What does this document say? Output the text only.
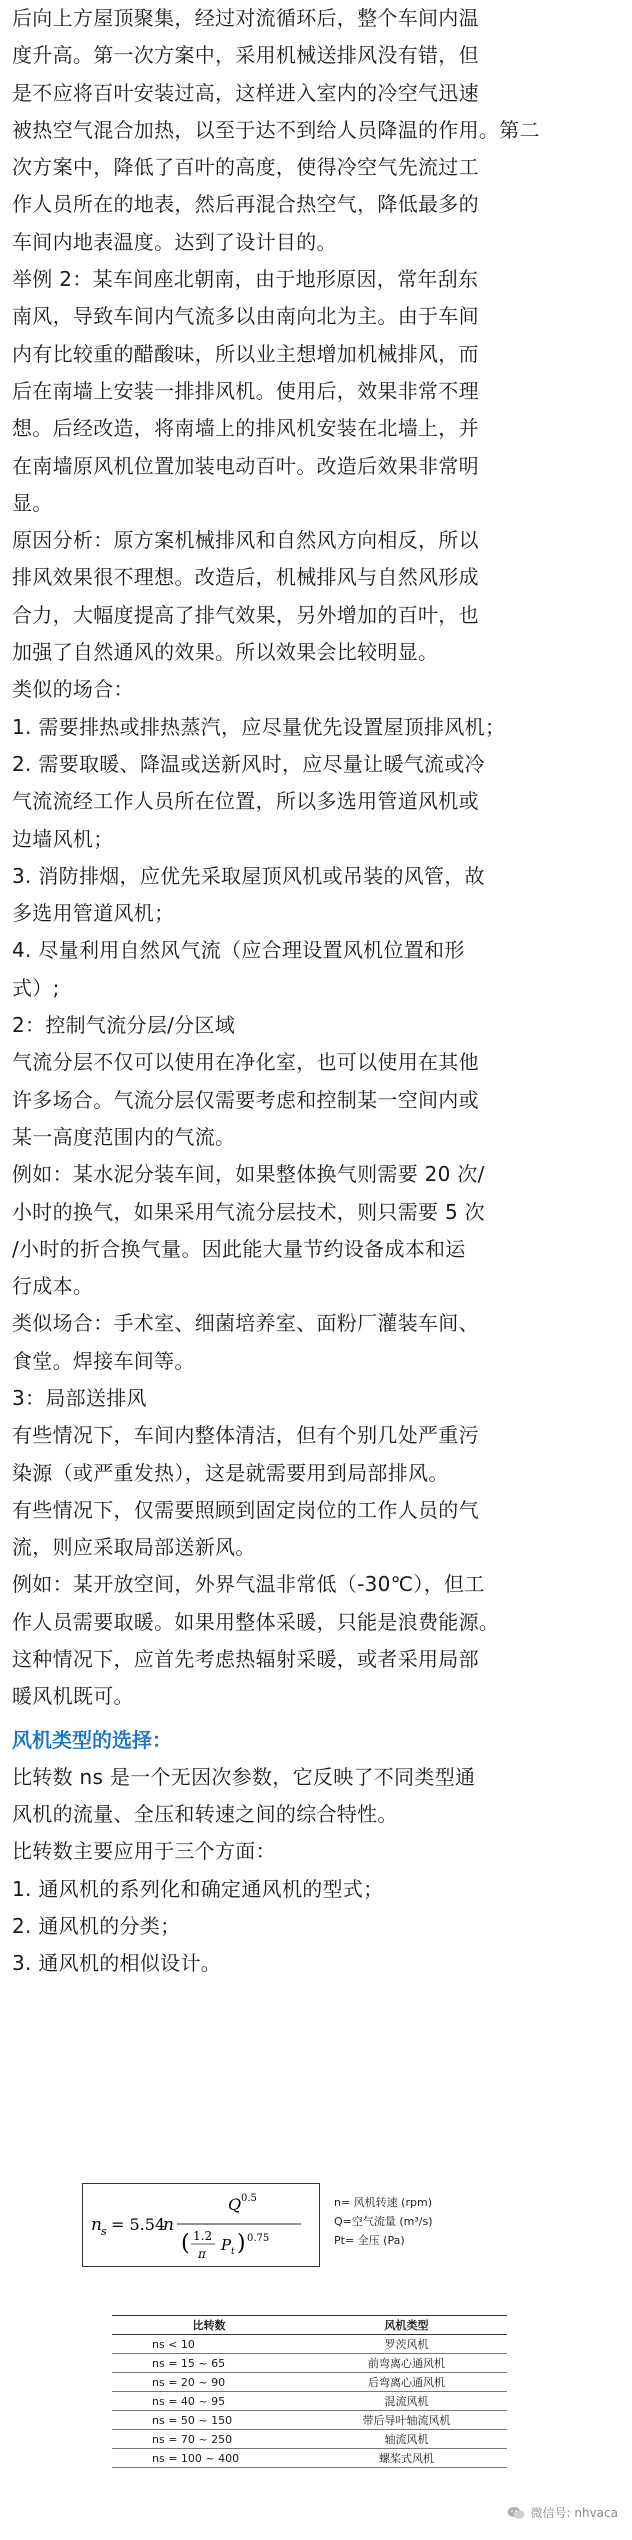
后向上方屋顶聚集，经过对流循环后，整个车间内温
度升高。第一次方案中，采用机械送排风没有错，但
是不应将百叶安装过高，这样进入室内的冷空气迅速
被热空气混合加热，以至于达不到给人员降温的作用。第二
次方案中，降低了百叶的高度，使得冷空气先流过工
作人员所在的地表，然后再混合热空气，降低最多的
车间内地表温度。达到了设计目的。
举例 2：某车间座北朝南，由于地形原因，常年刮东
南风，导致车间内气流多以由南向北为主。由于车间
内有比较重的醋酸味，所以业主想增加机械排风，而
后在南墙上安装一排排风机。使用后，效果非常不理
想。后经改造，将南墙上的排风机安装在北墙上，并
在南墙原风机位置加装电动百叶。改造后效果非常明
显。
原因分析：原方案机械排风和自然风方向相反，所以
排风效果很不理想。改造后，机械排风与自然风形成
合力，大幅度提高了排气效果，另外增加的百叶，也
加强了自然通风的效果。所以效果会比较明显。
类似的场合：
1. 需要排热或排热蒸汽，应尽量优先设置屋顶排风机；
2. 需要取暖、降温或送新风时，应尽量让暖气流或冷
气流流经工作人员所在位置，所以多选用管道风机或
边墙风机；
3. 消防排烟，应优先采取屋顶风机或吊装的风管，故
多选用管道风机；
4. 尽量利用自然风气流（应合理设置风机位置和形
式）;
2：控制气流分层/分区域
气流分层不仅可以使用在净化室，也可以使用在其他
许多场合。气流分层仅需要考虑和控制某一空间内或
某一高度范围内的气流。
例如：某水泥分装车间，如果整体换气则需要 20 次/
小时的换气，如果采用气流分层技术，则只需要 5 次
/小时的折合换气量。因此能大量节约设备成本和运
行成本。
类似场合：手术室、细菌培养室、面粉厂灌装车间、
食堂。焊接车间等。
3：局部送排风
有些情况下，车间内整体清洁，但有个别几处严重污
染源（或严重发热），这是就需要用到局部排风。
有些情况下，仅需要照顾到固定岗位的工作人员的气
流，则应采取局部送新风。
例如：某开放空间，外界气温非常低（-30℃），但工
作人员需要取暖。如果用整体采暖，只能是浪费能源。
这种情况下，应首先考虑热辐射采暖，或者采用局部
暖风机既可。
风机类型的选择：
比转数 ns 是一个无因次参数，它反映了不同类型通
风机的流量、全压和转速之间的综合特性。
比转数主要应用于三个方面：
1. 通风机的系列化和确定通风机的型式；
2. 通风机的分类；
3. 通风机的相似设计。
n s = 5.54
n
Q 0.5
( 1.2
π P t ) 0.75
n= 风机转速 (rpm)
Q=空气流量 (m³/s)
Pt= 全压 (Pa)
比转数	风机类型
ns < 10	罗茨风机
ns = 15 ~ 65	前弯离心通风机
ns = 20 ~ 90	后弯离心通风机
ns = 40 ~ 95	混流风机
ns = 50 ~ 150	带后导叶轴流风机
ns = 70 ~ 250	轴流风机
ns = 100 ~ 400	螺桨式风机
微信号: nhvaca
